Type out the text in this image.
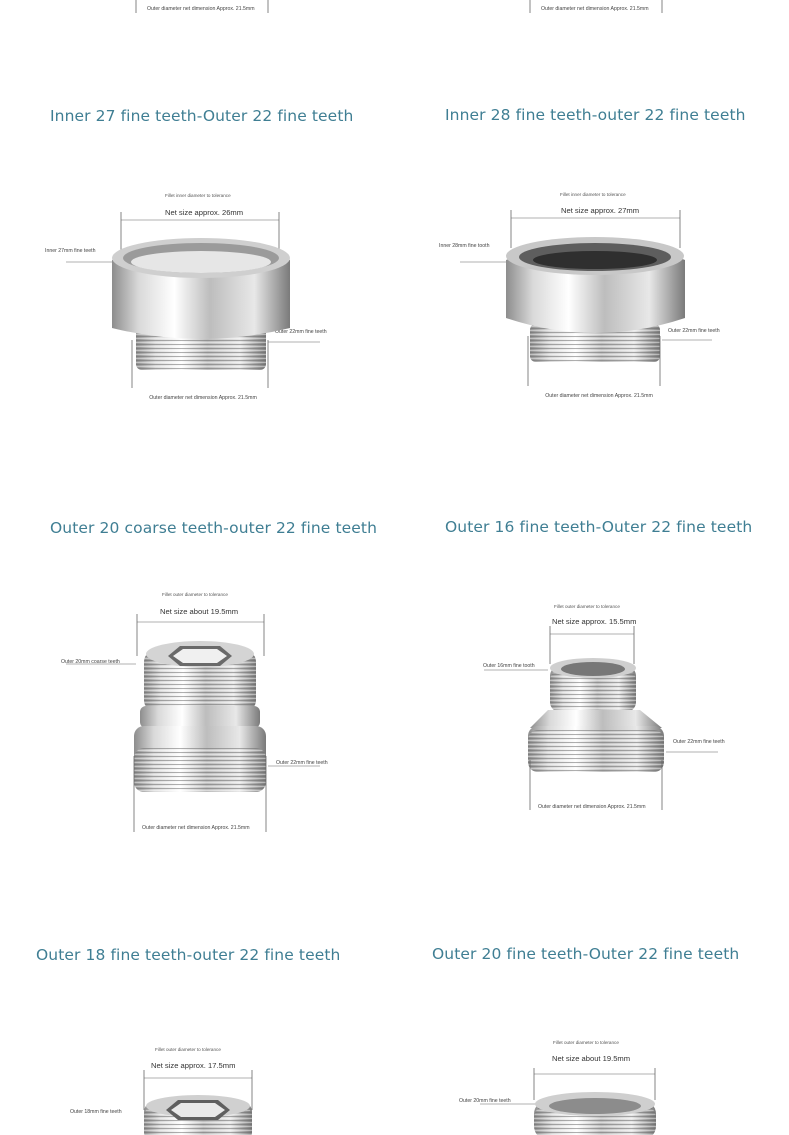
Outer diameter net dimension Approx. 21.5mm	Outer diameter net dimension Approx. 21.5mm
Inner 27 fine teeth-Outer 22 fine teeth
Fillet inner diameter to tolerance
Net size approx. 26mm
Inner 27mm fine teeth
Outer 22mm fine teeth
Outer diameter net dimension Approx. 21.5mm
Inner 28 fine teeth-outer 22 fine teeth
Fillet inner diameter to tolerance
Net size approx. 27mm
Inner 28mm fine tooth
Outer 22mm fine teeth
Outer diameter net dimension Approx. 21.5mm
Outer 20 coarse teeth-outer 22 fine teeth
Fillet outer diameter to tolerance
Net size about 19.5mm
Outer 20mm coarse teeth
Outer 22mm fine teeth
Outer diameter net dimension Approx. 21.5mm
Outer 16 fine teeth-Outer 22 fine teeth
Fillet outer diameter to tolerance
Net size approx. 15.5mm
Outer 16mm fine tooth
Outer 22mm fine teeth
Outer diameter net dimension Approx. 21.5mm
Outer 18 fine teeth-outer 22 fine teeth
Fillet outer diameter to tolerance
Net size approx. 17.5mm
Outer 18mm fine teeth
Outer 20 fine teeth-Outer 22 fine teeth
Fillet outer diameter to tolerance
Net size about 19.5mm
Outer 20mm fine teeth
